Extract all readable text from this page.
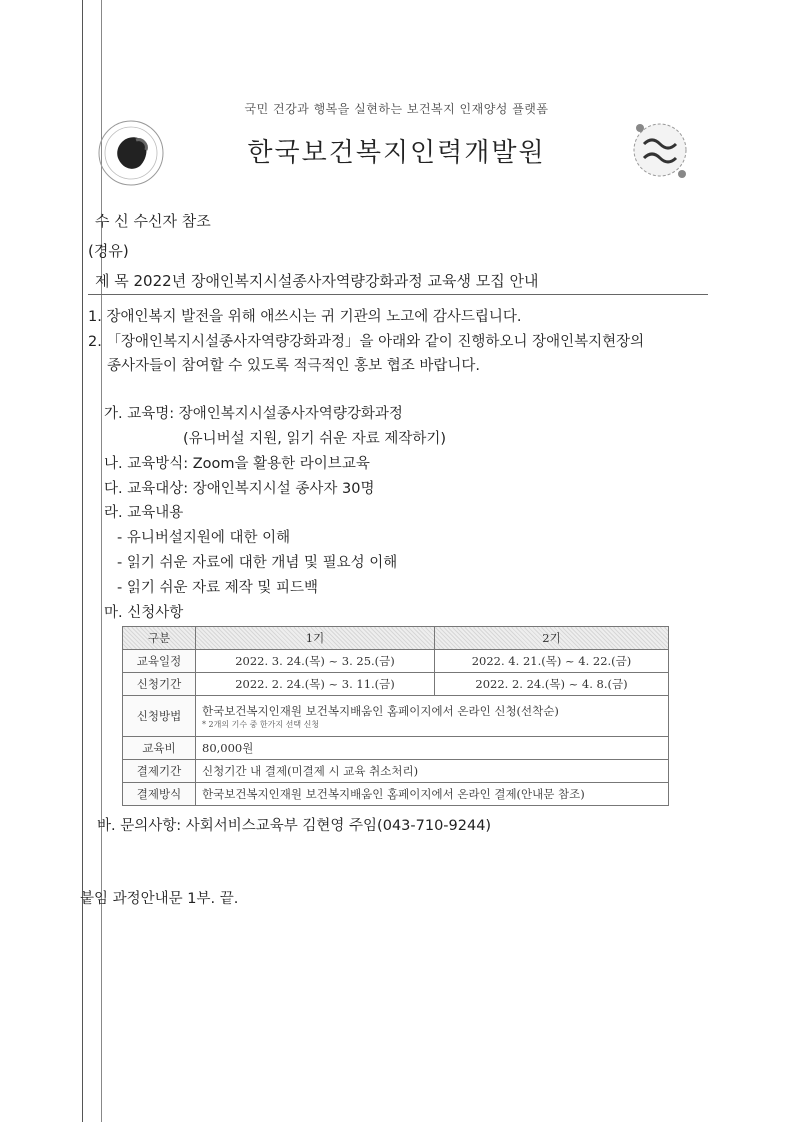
국민 건강과 행복을 실현하는 보건복지 인재양성 플랫폼
한국보건복지인력개발원
수 신 수신자 참조
(경유)
제 목 2022년 장애인복지시설종사자역량강화과정 교육생 모집 안내
1. 장애인복지 발전을 위해 애쓰시는 귀 기관의 노고에 감사드립니다.
2. 「장애인복지시설종사자역량강화과정」을 아래와 같이 진행하오니 장애인복지현장의
종사자들이 참여할 수 있도록 적극적인 홍보 협조 바랍니다.
가. 교육명: 장애인복지시설종사자역량강화과정
(유니버설 지원, 읽기 쉬운 자료 제작하기)
나. 교육방식: Zoom을 활용한 라이브교육
다. 교육대상: 장애인복지시설 종사자 30명
라. 교육내용
- 유니버설지원에 대한 이해
- 읽기 쉬운 자료에 대한 개념 및 필요성 이해
- 읽기 쉬운 자료 제작 및 피드백
마. 신청사항
구분	1기	2기
교육일정	2022. 3. 24.(목) ~ 3. 25.(금)	2022. 4. 21.(목) ~ 4. 22.(금)
신청기간	2022. 2. 24.(목) ~ 3. 11.(금)	2022. 2. 24.(목) ~ 4. 8.(금)
신청방법	한국보건복지인재원 보건복지배움인 홈페이지에서 온라인 신청(선착순)
* 2개의 기수 중 한가지 선택 신청	

교육비	80,000원	
결제기간	신청기간 내 결제(미결제 시 교육 취소처리)	
결제방식	한국보건복지인재원 보건복지배움인 홈페이지에서 온라인 결제(안내문 참조)	
바. 문의사항: 사회서비스교육부 김현영 주임(043-710-9244)
붙임 과정안내문 1부. 끝.
